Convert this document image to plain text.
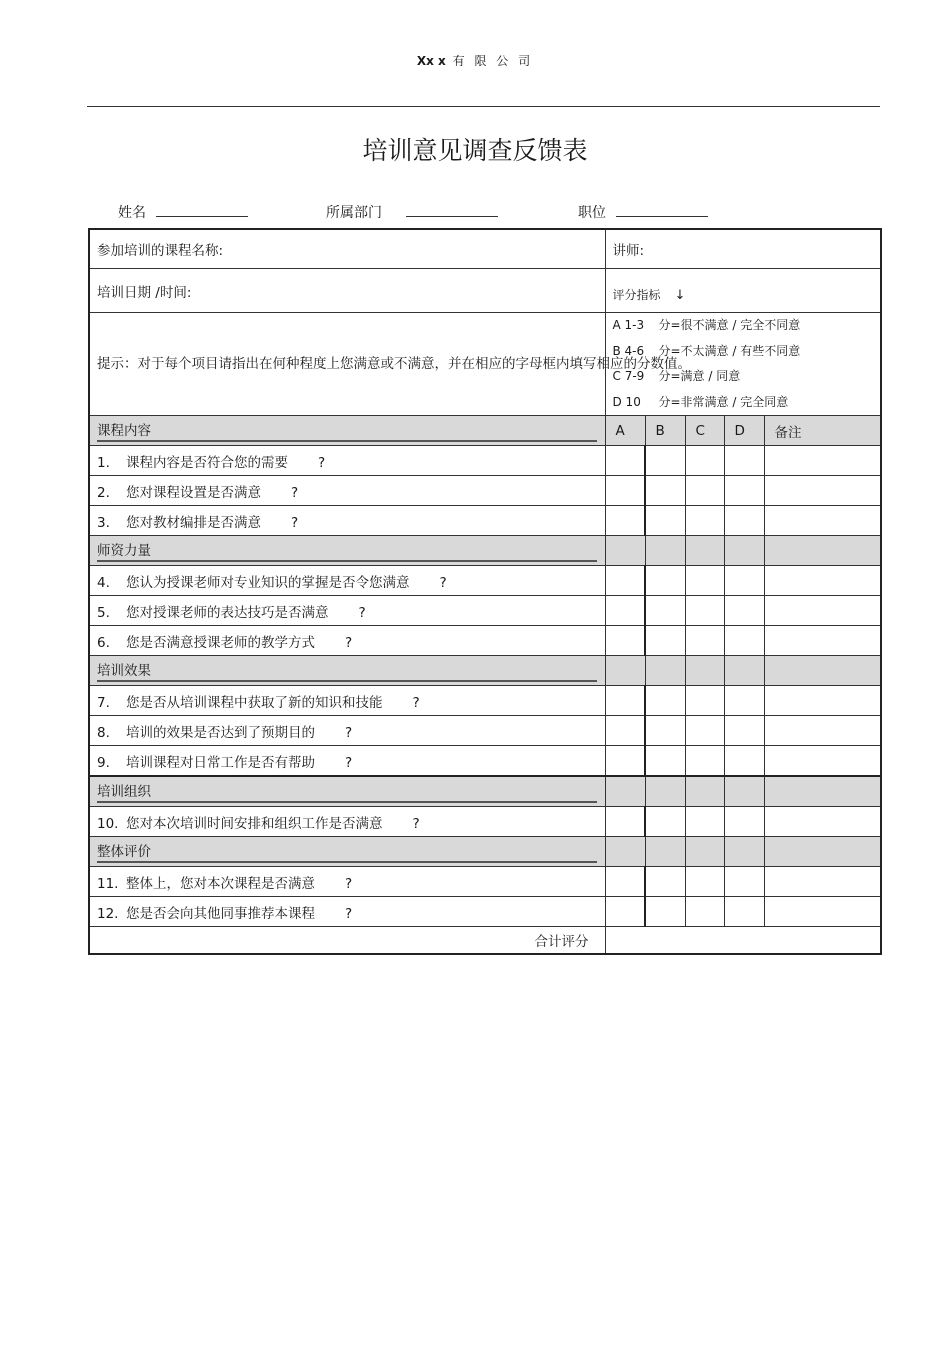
Xx x 有 限 公 司
培训意见调查反馈表
姓名	所属部门	职位
参加培训的课程名称:	讲师:				
培训日期 /时间:	评分指标 ↓				
提示：对于每个项目请指出在何种程度上您满意或不满意，并在相应的字母框内填写相应的分数值。	A 1-3 分=很不满意 / 完全不同意
B 4-6 分=不太满意 / 有些不同意
C 7-9 分=满意 / 同意
D 10 分=非常满意 / 完全同意				

课程内容	A	B	C	D	备注
1. 课程内容是否符合您的需要 ?					
2. 您对课程设置是否满意 ?					
3. 您对教材编排是否满意 ?					
师资力量					
4. 您认为授课老师对专业知识的掌握是否令您满意 ?					
5. 您对授课老师的表达技巧是否满意 ?					
6. 您是否满意授课老师的教学方式 ?					
培训效果					
7. 您是否从培训课程中获取了新的知识和技能 ?					
8. 培训的效果是否达到了预期目的 ?					
9. 培训课程对日常工作是否有帮助 ?					
培训组织					
10. 您对本次培训时间安排和组织工作是否满意 ?					
整体评价					
11. 整体上，您对本次课程是否满意 ?					
12. 您是否会向其他同事推荐本课程 ?					
合计评分					
